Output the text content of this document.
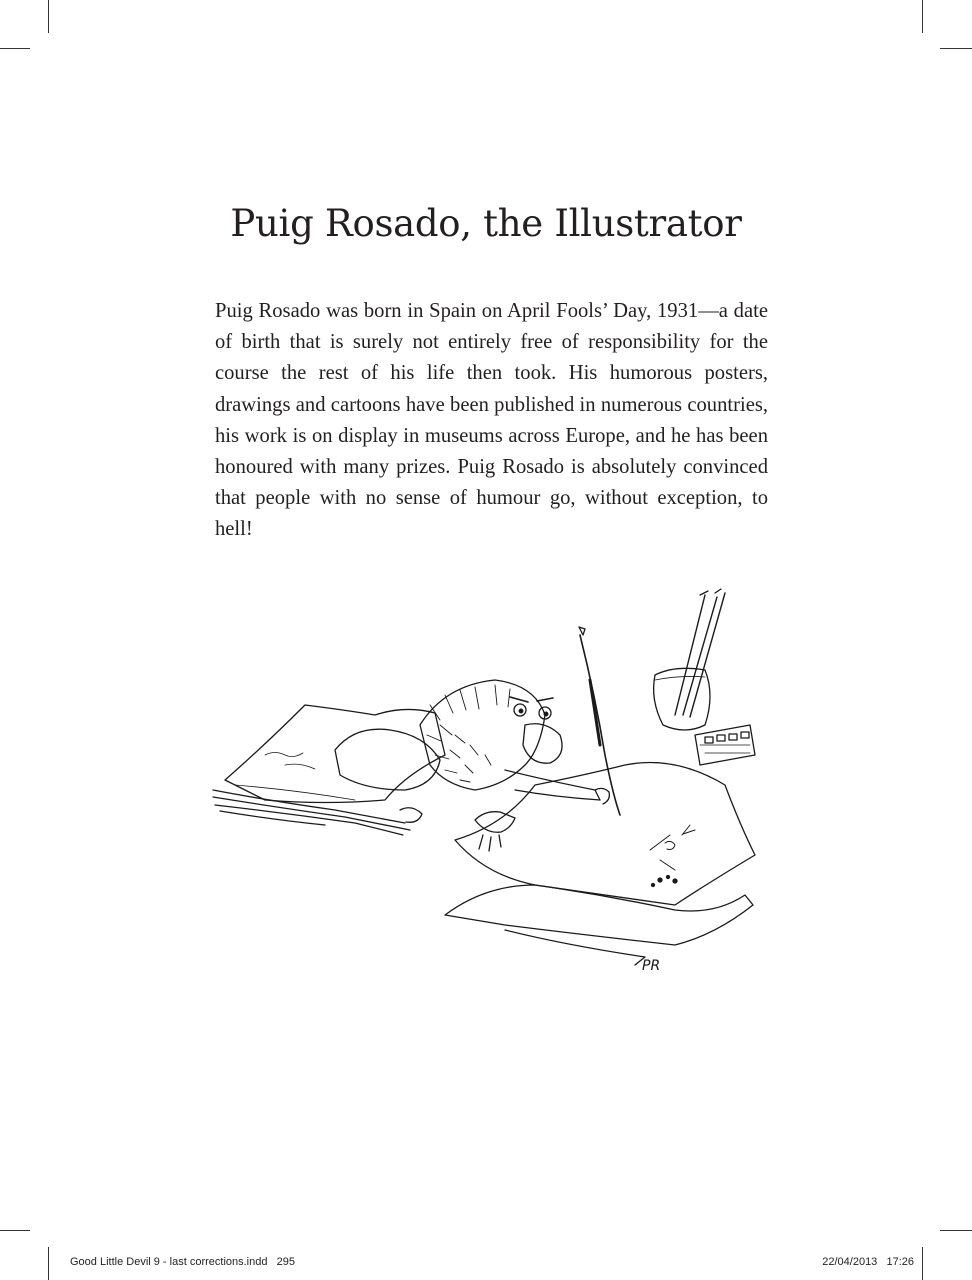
Puig Rosado, the Illustrator

Puig Rosado was born in Spain on April Fools’ Day, 1931—a date of birth that is surely not entirely free of responsibility for the course the rest of his life then took. His humorous posters, drawings and cartoons have been published in numerous countries, his work is on display in museums across Europe, and he has been honoured with many prizes. Puig Rosado is absolutely convinced that people with no sense of humour go, without exception, to hell!

PR
Good Little Devil 9 - last corrections.indd   295	22/04/2013   17:26
